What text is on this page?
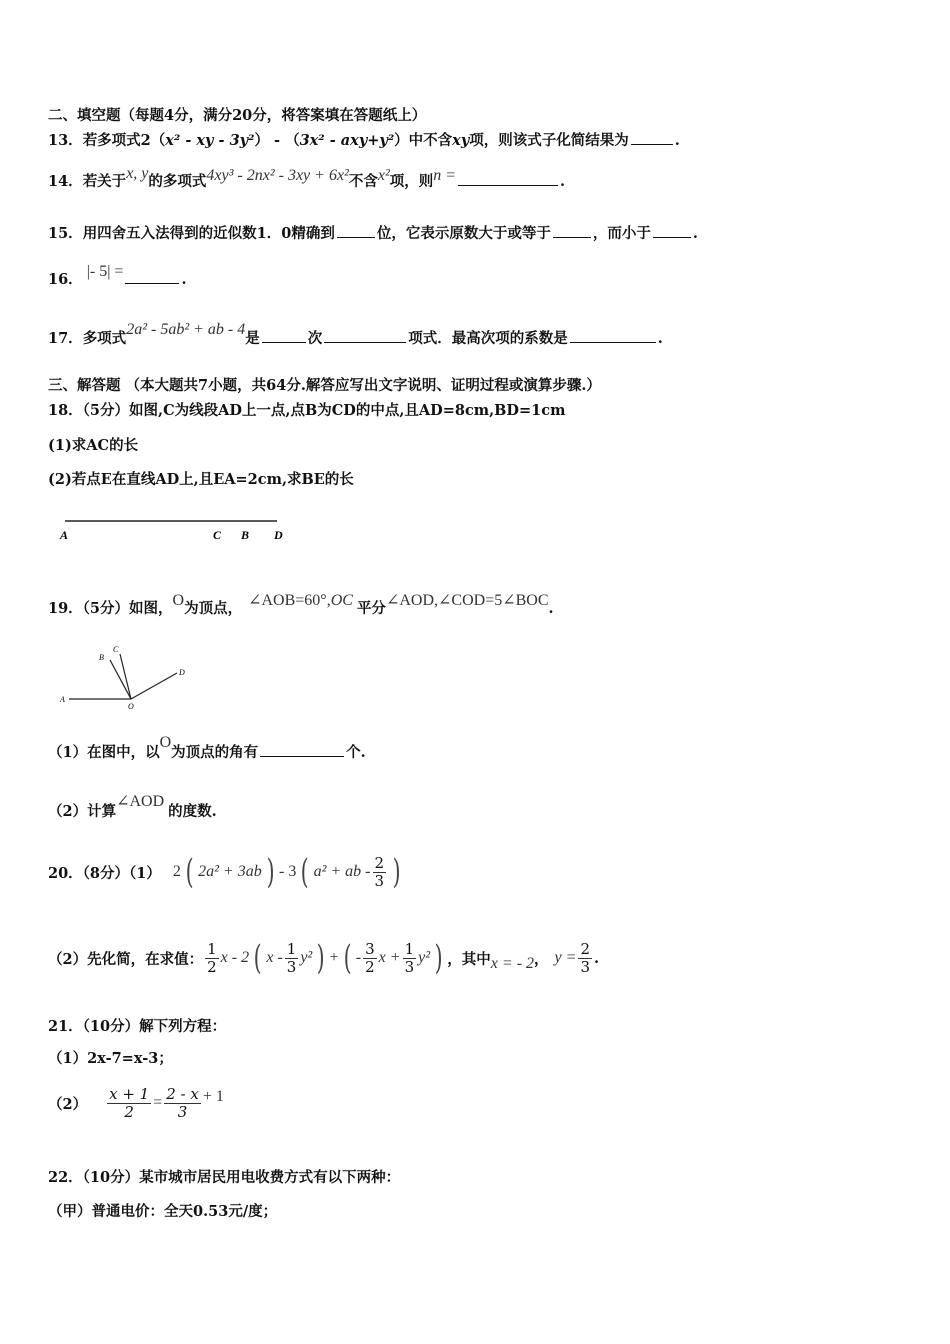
二、填空题（每题4分，满分20分，将答案填在答题纸上）
13． 若多项式2（ x² - xy - 3y² ） - （ 3x² - axy+y² ）中不含 xy 项，则该式子化简结果为	.
14． 若关于 x, y 的多项式 4xy³ - 2nx² - 3xy + 6x² 不含 x² 项，则 n =	.
15． 用四舍五入法得到的近似数1．0精确到	位，它表示原数大于或等于	，而小于	.
16． |- 5| =	.
17． 多项式
2a² - 5ab² + ab - 4
是	次	项式．最高次项的系数是	.
三、解答题 （本大题共7小题，共64分.解答应写出文字说明、证明过程或演算步骤.）
18．（5分）如图,C为线段AD上一点,点B为CD的中点,且AD=8cm,BD=1cm
(1)求AC的长
(2)若点E在直线AD上,且EA=2cm,求BE的长
A	C B D
19．（5分）如图， O 为顶点， ∠AOB=60°, OC 平分 ∠AOD,∠COD=5∠BOC .
A
B
C
D
O
（1）在图中，以
O
为顶点的角有	个.
（2）计算
∠AOD
的度数.
20．（8分）（1） 2 ( 2a² + 3ab ) - 3 ( a² + ab - $\frac{2}{3}$ )
（2）先化简，在求值： $\frac{1}{2}$ x - 2 ( x - $\frac{1}{3} y^2$ ) + ( - $\frac{3}{2}$ $x + \frac{1}{3} y^2$ ) ，其中 x = - 2 ， $y = \frac{2}{3}$ .
21．（10分）解下列方程：
（1）2x-7=x-3；
$(2) \frac{x + 1}{2} = \frac{2 - x}{3} + 1$
22．（10分）某市城市居民用电收费方式有以下两种：
（甲）普通电价：全天0.53元/度；
